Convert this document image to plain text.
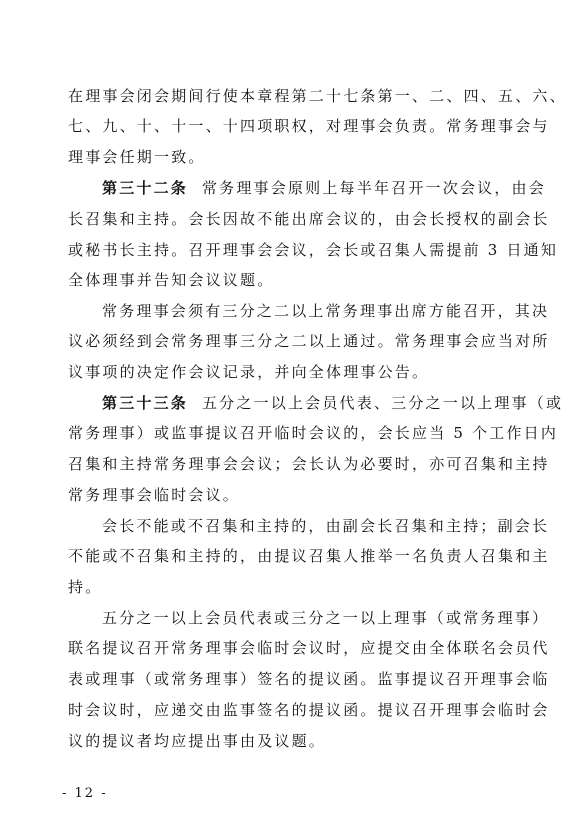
在理事会闭会期间行使本章程第二十七条第一、二、四、五、六、
七、九、十、十一、十四项职权，对理事会负责。常务理事会与
理事会任期一致。
第三十二条 常务理事会原则上每半年召开一次会议，由会
长召集和主持。会长因故不能出席会议的，由会长授权的副会长
或秘书长主持。召开理事会会议，会长或召集人需提前 3 日通知
全体理事并告知会议议题。
常务理事会须有三分之二以上常务理事出席方能召开，其决
议必须经到会常务理事三分之二以上通过。常务理事会应当对所
议事项的决定作会议记录，并向全体理事公告。
第三十三条 五分之一以上会员代表、三分之一以上理事（或
常务理事）或监事提议召开临时会议的，会长应当 5 个工作日内
召集和主持常务理事会会议；会长认为必要时，亦可召集和主持
常务理事会临时会议。
会长不能或不召集和主持的，由副会长召集和主持；副会长
不能或不召集和主持的，由提议召集人推举一名负责人召集和主
持。
五分之一以上会员代表或三分之一以上理事（或常务理事）
联名提议召开常务理事会临时会议时，应提交由全体联名会员代
表或理事（或常务理事）签名的提议函。监事提议召开理事会临
时会议时，应递交由监事签名的提议函。提议召开理事会临时会
议的提议者均应提出事由及议题。
- 12 -
